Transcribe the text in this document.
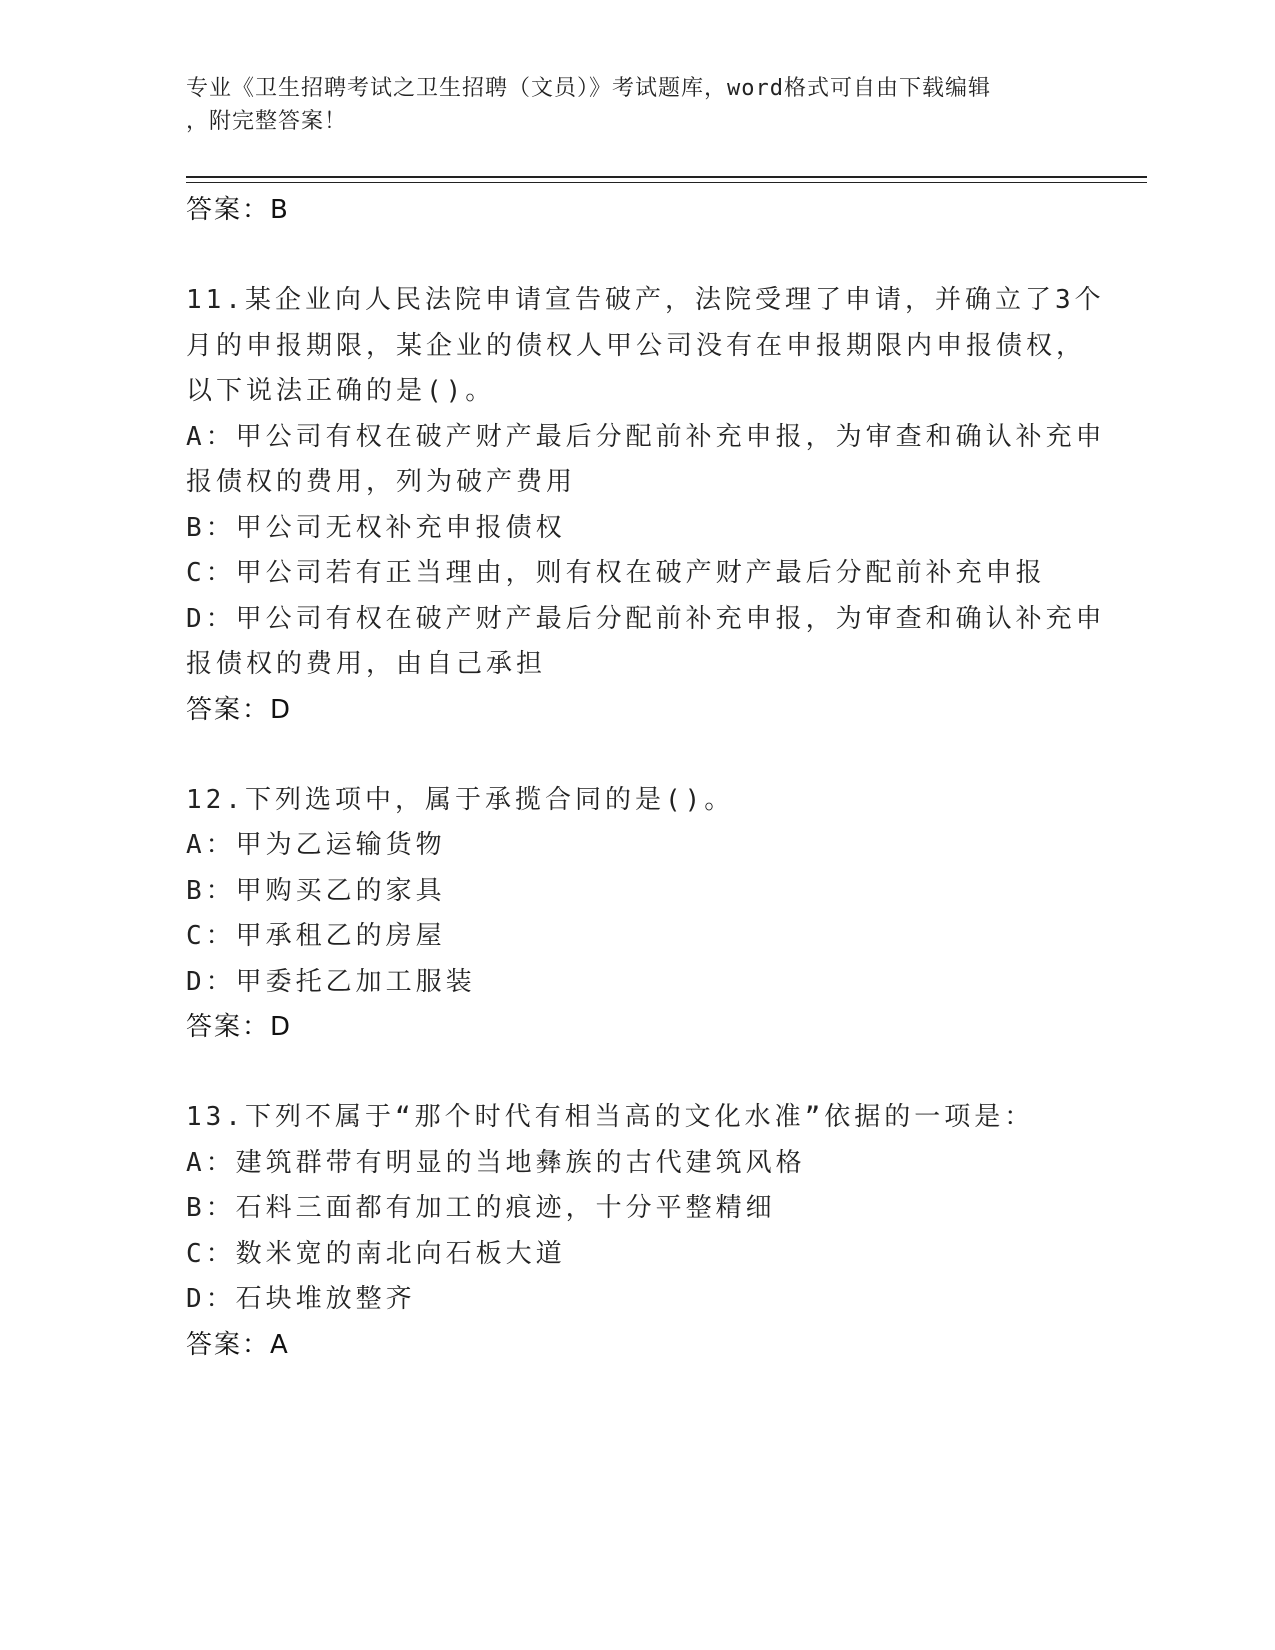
专业《卫生招聘考试之卫生招聘（文员）》考试题库，word格式可自由下载编辑
，附完整答案！
答案：B
11.某企业向人民法院申请宣告破产，法院受理了申请，并确立了3个
月的申报期限，某企业的债权人甲公司没有在申报期限内申报债权，
以下说法正确的是()。
A：甲公司有权在破产财产最后分配前补充申报，为审查和确认补充申
报债权的费用，列为破产费用
B：甲公司无权补充申报债权
C：甲公司若有正当理由，则有权在破产财产最后分配前补充申报
D：甲公司有权在破产财产最后分配前补充申报，为审查和确认补充申
报债权的费用，由自己承担
答案：D
12.下列选项中，属于承揽合同的是()。
A：甲为乙运输货物
B：甲购买乙的家具
C：甲承租乙的房屋
D：甲委托乙加工服装
答案：D
13.下列不属于“那个时代有相当高的文化水准”依据的一项是：
A：建筑群带有明显的当地彝族的古代建筑风格
B：石料三面都有加工的痕迹，十分平整精细
C：数米宽的南北向石板大道
D：石块堆放整齐
答案：A
